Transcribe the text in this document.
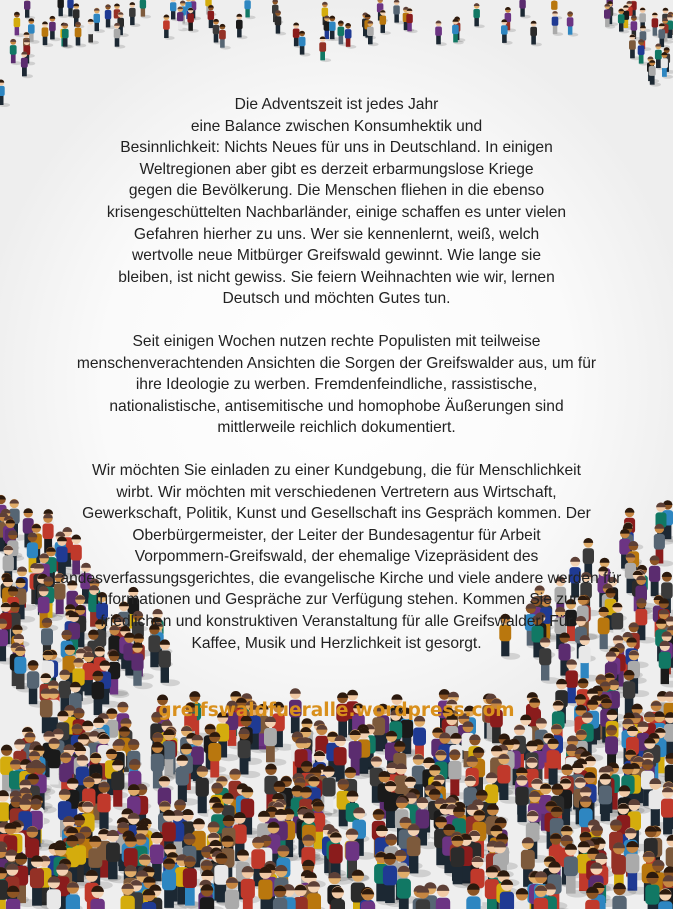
Die Adventszeit ist jedes Jahr
eine Balance zwischen Konsumhektik und
Besinnlichkeit: Nichts Neues für uns in Deutschland. In einigen
Weltregionen aber gibt es derzeit erbarmungslose Kriege
gegen die Bevölkerung. Die Menschen fliehen in die ebenso
krisengeschüttelten Nachbarländer, einige schaffen es unter vielen
Gefahren hierher zu uns. Wer sie kennenlernt, weiß, welch
wertvolle neue Mitbürger Greifswald gewinnt. Wie lange sie
bleiben, ist nicht gewiss. Sie feiern Weihnachten wie wir, lernen
Deutsch und möchten Gutes tun.
Seit einigen Wochen nutzen rechte Populisten mit teilweise
menschenverachtenden Ansichten die Sorgen der Greifswalder aus, um für
ihre Ideologie zu werben. Fremdenfeindliche, rassistische,
nationalistische, antisemitische und homophobe Äußerungen sind
mittlerweile reichlich dokumentiert.
Wir möchten Sie einladen zu einer Kundgebung, die für Menschlichkeit
wirbt. Wir möchten mit verschiedenen Vertretern aus Wirtschaft,
Gewerkschaft, Politik, Kunst und Gesellschaft ins Gespräch kommen. Der
Oberbürgermeister, der Leiter der Bundesagentur für Arbeit
Vorpommern-Greifswald, der ehemalige Vizepräsident des
Landesverfassungsgerichtes, die evangelische Kirche und viele andere werden für
Informationen und Gespräche zur Verfügung stehen. Kommen Sie zur
friedlichen und konstruktiven Veranstaltung für alle Greifswalder! Für
Kaffee, Musik und Herzlichkeit ist gesorgt.
greifswaldfueralle.wordpress.com
